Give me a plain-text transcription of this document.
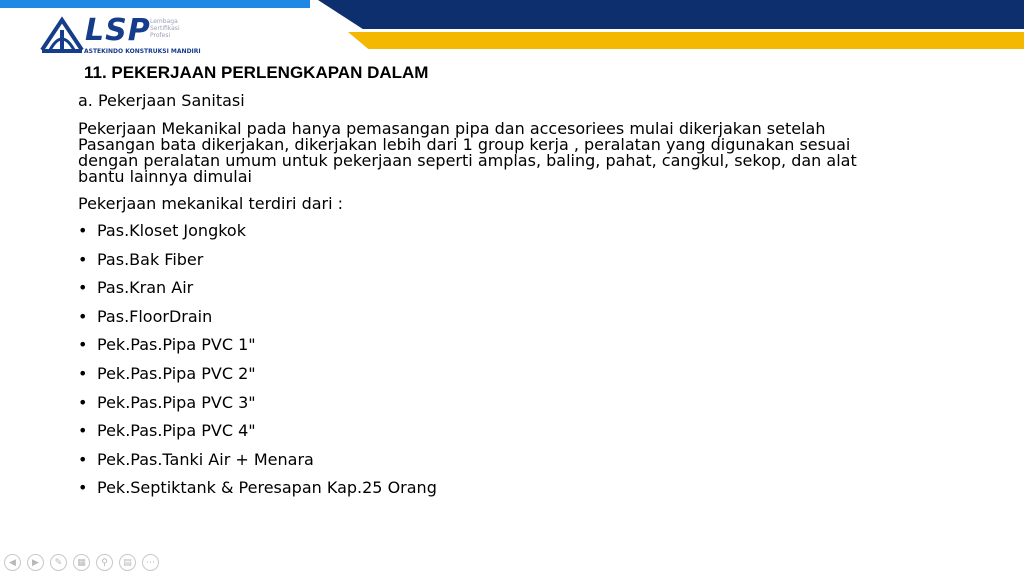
LSP Lembaga
Sertifikasi
Profesi
ASTEKINDO KONSTRUKSI MANDIRI
11. PEKERJAAN PERLENGKAPAN DALAM
a. Pekerjaan Sanitasi
Pekerjaan Mekanikal pada hanya pemasangan pipa dan accesoriees mulai dikerjakan setelah
Pasangan bata dikerjakan, dikerjakan lebih dari 1 group kerja , peralatan yang digunakan sesuai
dengan peralatan umum untuk pekerjaan seperti amplas, baling, pahat, cangkul, sekop, dan alat
bantu lainnya dimulai
Pekerjaan mekanikal terdiri dari :
• Pas.Kloset Jongkok
• Pas.Bak Fiber
• Pas.Kran Air
• Pas.FloorDrain
• Pek.Pas.Pipa PVC 1"
• Pek.Pas.Pipa PVC 2"
• Pek.Pas.Pipa PVC 3"
• Pek.Pas.Pipa PVC 4"
• Pek.Pas.Tanki Air + Menara
• Pek.Septiktank & Peresapan Kap.25 Orang
◀	▶	✎	▦	⚲	▤	⋯
